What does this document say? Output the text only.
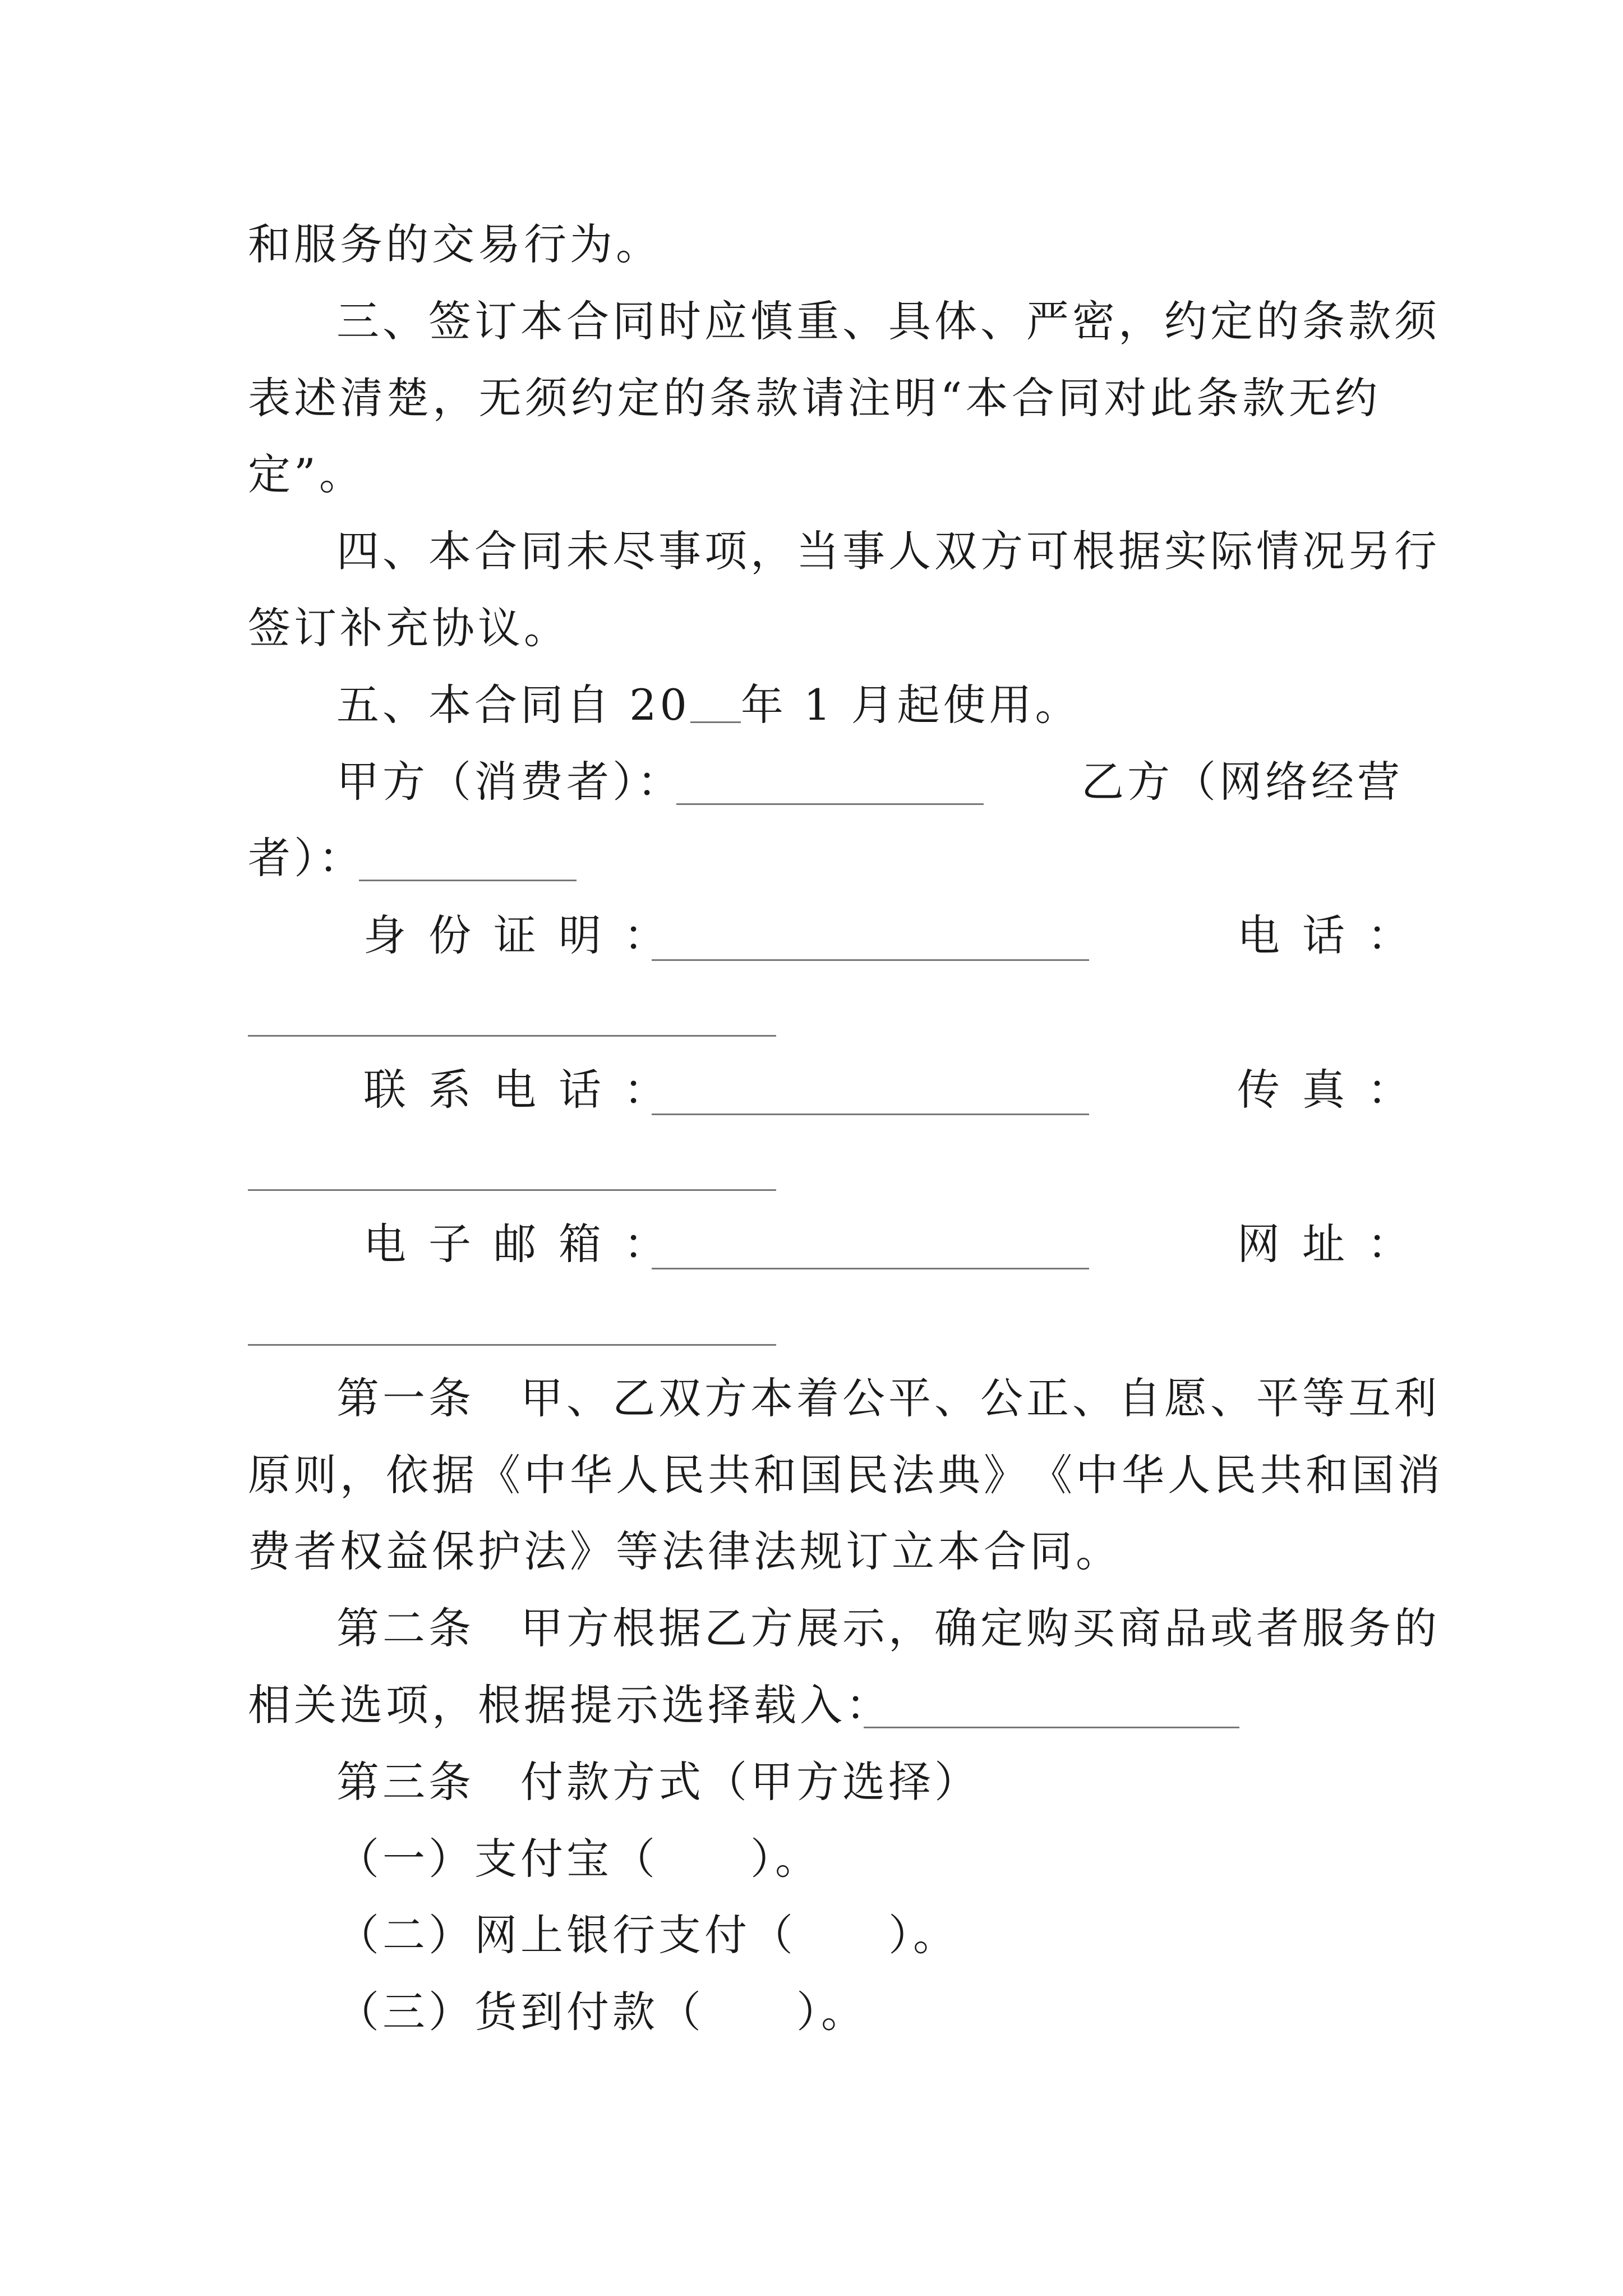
和服务的交易行为。
三 、 签 订 本 合 同 时 应 慎 重 、 具 体 、 严 密 ， 约 定 的 条 款 须
表 述 清 楚 ， 无 须 约 定 的 条 款 请 注 明 “ 本 合 同 对 此 条 款 无 约
定”。
四 、 本 合 同 未 尽 事 项 ， 当 事 人 双 方 可 根 据 实 际 情 况 另 行
签订补充协议。
五、本合同自 20 年 1 月起使用。
甲方（消费者）：	乙方（网络经营
者）：
身份证明：	电话：
联系电话：	传真：
电子邮箱：	网址：
第 一 条
　 甲 、 乙 双 方 本 着 公 平 、 公 正 、 自 愿 、 平 等 互 利
原 则 ， 依 据 《 中 华 人 民 共 和 国 民 法 典 》 《 中 华 人 民 共 和 国 消
费者权益保护法》等法律法规订立本合同。
第 二 条
　 甲 方 根 据 乙 方 展 示 ， 确 定 购 买 商 品 或 者 服 务 的
相关选项，根据提示选择载入：
第三条　付款方式（甲方选择）
（一）支付宝（　　）。
（二）网上银行支付（　　）。
（三）货到付款（　　）。
